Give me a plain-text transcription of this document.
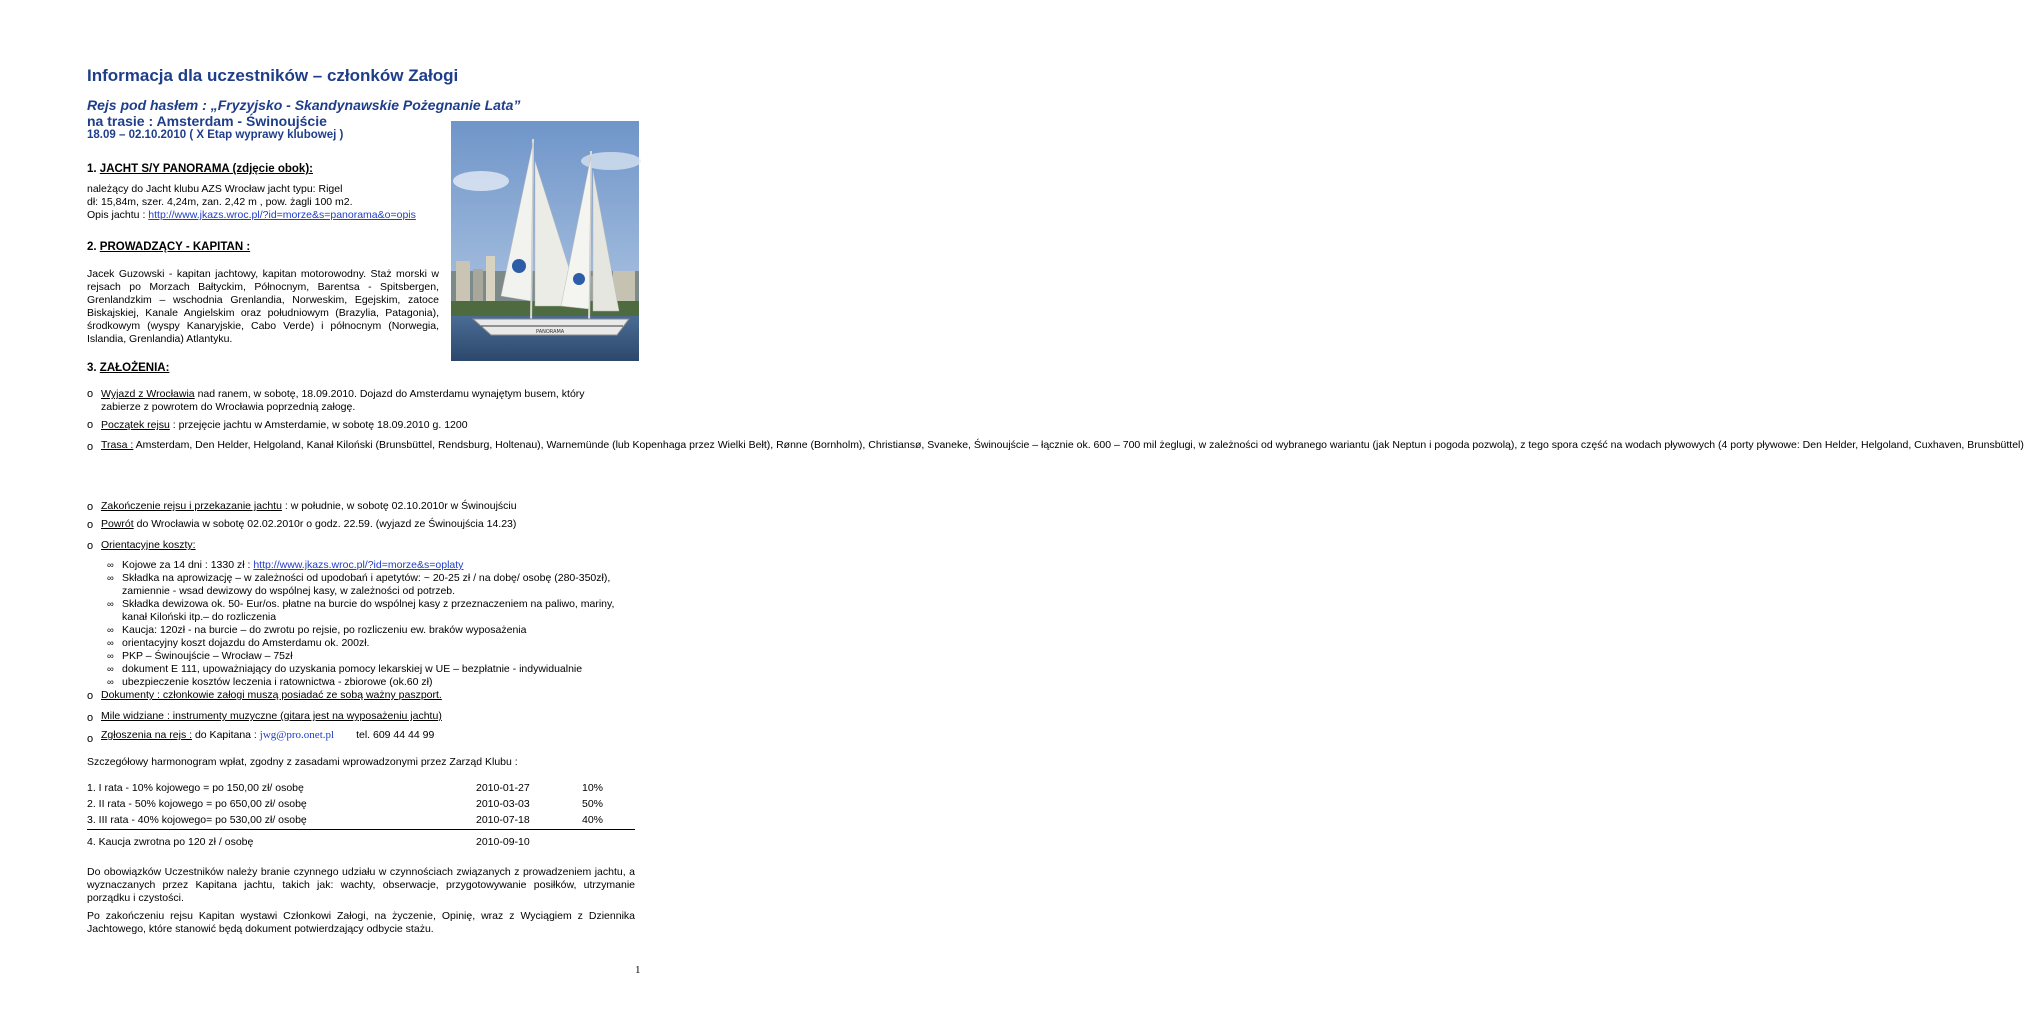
Informacja dla uczestników – członków Załogi
Rejs pod hasłem : „Fryzyjsko - Skandynawskie Pożegnanie Lata”
na trasie : Amsterdam - Świnoujście
18.09 – 02.10.2010 ( X Etap wyprawy klubowej )
PANORAMA
1. JACHT S/Y PANORAMA (zdjęcie obok):
należący do Jacht klubu AZS Wrocław jacht typu: Rigel
dł: 15,84m, szer. 4,24m, zan. 2,42 m , pow. żagli 100 m2.
Opis jachtu : http://www.jkazs.wroc.pl/?id=morze&s=panorama&o=opis
2. PROWADZĄCY - KAPITAN :
Jacek Guzowski - kapitan jachtowy, kapitan motorowodny. Staż morski w rejsach po Morzach Bałtyckim, Północnym, Barentsa - Spitsbergen, Grenlandzkim – wschodnia Grenlandia, Norweskim, Egejskim, zatoce Biskajskiej, Kanale Angielskim oraz południowym (Brazylia, Patagonia), środkowym (wyspy Kanaryjskie, Cabo Verde) i północnym (Norwegia, Islandia, Grenlandia) Atlantyku.
3. ZAŁOŻENIA:
o Wyjazd z Wrocławia nad ranem, w sobotę, 18.09.2010. Dojazd do Amsterdamu wynajętym busem, który
zabierze z powrotem do Wrocławia poprzednią załogę.
o Początek rejsu : przejęcie jachtu w Amsterdamie, w sobotę 18.09.2010 g. 1200
o Trasa : Amsterdam, Den Helder, Helgoland, Kanał Kiloński (Brunsbüttel, Rendsburg, Holtenau), Warnemünde (lub Kopenhaga przez Wielki Bełt), Rønne (Bornholm), Christiansø, Svaneke, Świnoujście – łącznie ok. 600 – 700 mil żeglugi, w zależności od wybranego wariantu (jak Neptun i pogoda pozwolą), z tego spora część na wodach pływowych (4 porty pływowe: Den Helder, Helgoland, Cuxhaven, Brunsbüttel)
o Zakończenie rejsu i przekazanie jachtu : w południe, w sobotę 02.10.2010r w Świnoujściu
o Powrót do Wrocławia w sobotę 02.02.2010r o godz. 22.59. (wyjazd ze Świnoujścia 14.23)
o Orientacyjne koszty:
∞ Kojowe za 14 dni : 1330 zł : http://www.jkazs.wroc.pl/?id=morze&s=oplaty
∞ Składka na aprowizację – w zależności od upodobań i apetytów: ~ 20-25 zł / na dobę/ osobę (280-350zł),
zamiennie - wsad dewizowy do wspólnej kasy, w zależności od potrzeb.
∞ Składka dewizowa ok. 50- Eur/os. płatne na burcie do wspólnej kasy z przeznaczeniem na paliwo, mariny,
kanał Kiloński itp.– do rozliczenia
∞ Kaucja: 120zł - na burcie – do zwrotu po rejsie, po rozliczeniu ew. braków wyposażenia
∞ orientacyjny koszt dojazdu do Amsterdamu ok. 200zł.
∞ PKP – Świnoujście – Wrocław – 75zł
∞ dokument E 111, upoważniający do uzyskania pomocy lekarskiej w UE – bezpłatnie - indywidualnie
∞ ubezpieczenie kosztów leczenia i ratownictwa - zbiorowe (ok.60 zł)
o Dokumenty : członkowie załogi muszą posiadać ze sobą ważny paszport.
o Mile widziane : instrumenty muzyczne (gitara jest na wyposażeniu jachtu)
o Zgłoszenia na rejs : do Kapitana : jwg@pro.onet.pl tel. 609 44 44 99
Szczegółowy harmonogram wpłat, zgodny z zasadami wprowadzonymi przez Zarząd Klubu :
1. I rata - 10% kojowego = po 150,00 zł/ osobę	2010-01-27	10%
2. II rata - 50% kojowego = po 650,00 zł/ osobę	2010-03-03	50%
3. III rata - 40% kojowego= po 530,00 zł/ osobę	2010-07-18	40%
4. Kaucja zwrotna po 120 zł / osobę	2010-09-10
Do obowiązków Uczestników należy branie czynnego udziału w czynnościach związanych z prowadzeniem jachtu, a wyznaczanych przez Kapitana jachtu, takich jak: wachty, obserwacje, przygotowywanie posiłków, utrzymanie porządku i czystości.
Po zakończeniu rejsu Kapitan wystawi Członkowi Załogi, na życzenie, Opinię, wraz z Wyciągiem z Dziennika Jachtowego, które stanowić będą dokument potwierdzający odbycie stażu.
1
